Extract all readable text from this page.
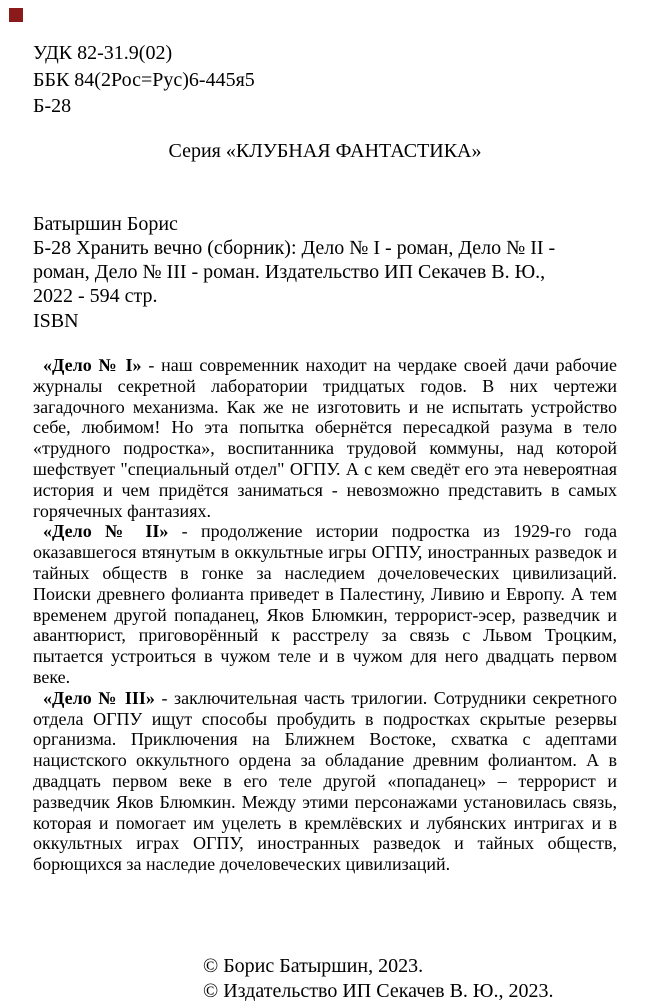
УДК 82-31.9(02)
ББК 84(2Рос=Рус)6-445я5
Б-28
Серия «КЛУБНАЯ ФАНТАСТИКА»
Батыршин Борис
Б-28 Хранить вечно (сборник): Дело № I - роман, Дело № II -
роман, Дело № III - роман. Издательство ИП Секачев В. Ю.,
2022 - 594 стр.
ISBN

«Дело № I» - наш современник находит на чердаке своей дачи рабочие журналы секретной лаборатории тридцатых годов. В них чертежи загадочного механизма. Как же не изготовить и не испытать устройство себе, любимом! Но эта попытка обернётся пересадкой разума в тело «трудного подростка», воспитанника трудовой коммуны, над которой шефствует "специальный отдел" ОГПУ. А с кем сведёт его эта невероятная история и чем придётся заниматься - невозможно представить в самых горячечных фантазиях.

«Дело № II» - продолжение истории подростка из 1929-го года оказавшегося втянутым в оккультные игры ОГПУ, иностранных разведок и тайных обществ в гонке за наследием дочеловеческих цивилизаций. Поиски древнего фолианта приведет в Палестину, Ливию и Европу. А тем временем другой попаданец, Яков Блюмкин, террорист-эсер, разведчик и авантюрист, приговорённый к расстрелу за связь с Львом Троцким, пытается устроиться в чужом теле и в чужом для него двадцать первом веке.

«Дело № III» - заключительная часть трилогии. Сотрудники секретного отдела ОГПУ ищут способы пробудить в подростках скрытые резервы организма. Приключения на Ближнем Востоке, схватка с адептами нацистского оккультного ордена за обладание древним фолиантом. А в двадцать первом веке в его теле другой «попаданец» – террорист и разведчик Яков Блюмкин. Между этими персонажами установилась связь, которая и помогает им уцелеть в кремлёвских и лубянских интригах и в оккультных играх ОГПУ, иностранных разведок и тайных обществ, борющихся за наследие дочеловеческих цивилизаций.

© Борис Батыршин, 2023.
© Издательство ИП Секачев В. Ю., 2023.
